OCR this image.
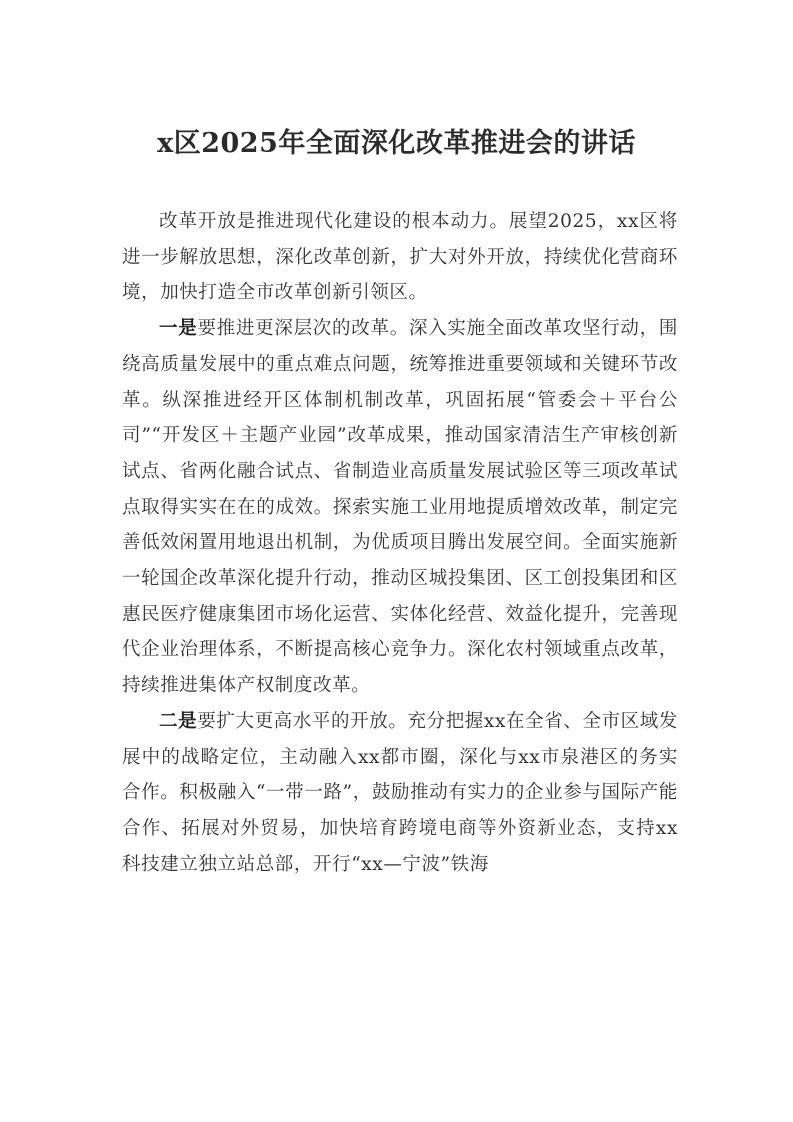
x区2025年全面深化改革推进会的讲话

改革开放是推进现代化建设的根本动力。展望2025，xx区将进一步解放思想，深化改革创新，扩大对外开放，持续优化营商环境，加快打造全市改革创新引领区。

一是要推进更深层次的改革。深入实施全面改革攻坚行动，围绕高质量发展中的重点难点问题，统筹推进重要领域和关键环节改革。纵深推进经开区体制机制改革，巩固拓展“管委会＋平台公司”“开发区＋主题产业园”改革成果，推动国家清洁生产审核创新试点、省两化融合试点、省制造业高质量发展试验区等三项改革试点取得实实在在的成效。探索实施工业用地提质增效改革，制定完善低效闲置用地退出机制，为优质项目腾出发展空间。全面实施新一轮国企改革深化提升行动，推动区城投集团、区工创投集团和区惠民医疗健康集团市场化运营、实体化经营、效益化提升，完善现代企业治理体系，不断提高核心竞争力。深化农村领域重点改革，持续推进集体产权制度改革。

二是要扩大更高水平的开放。充分把握xx在全省、全市区域发展中的战略定位，主动融入xx都市圈，深化与xx市泉港区的务实合作。积极融入“一带一路”，鼓励推动有实力的企业参与国际产能合作、拓展对外贸易，加快培育跨境电商等外资新业态，支持xx科技建立独立站总部，开行“xx—宁波”铁海
